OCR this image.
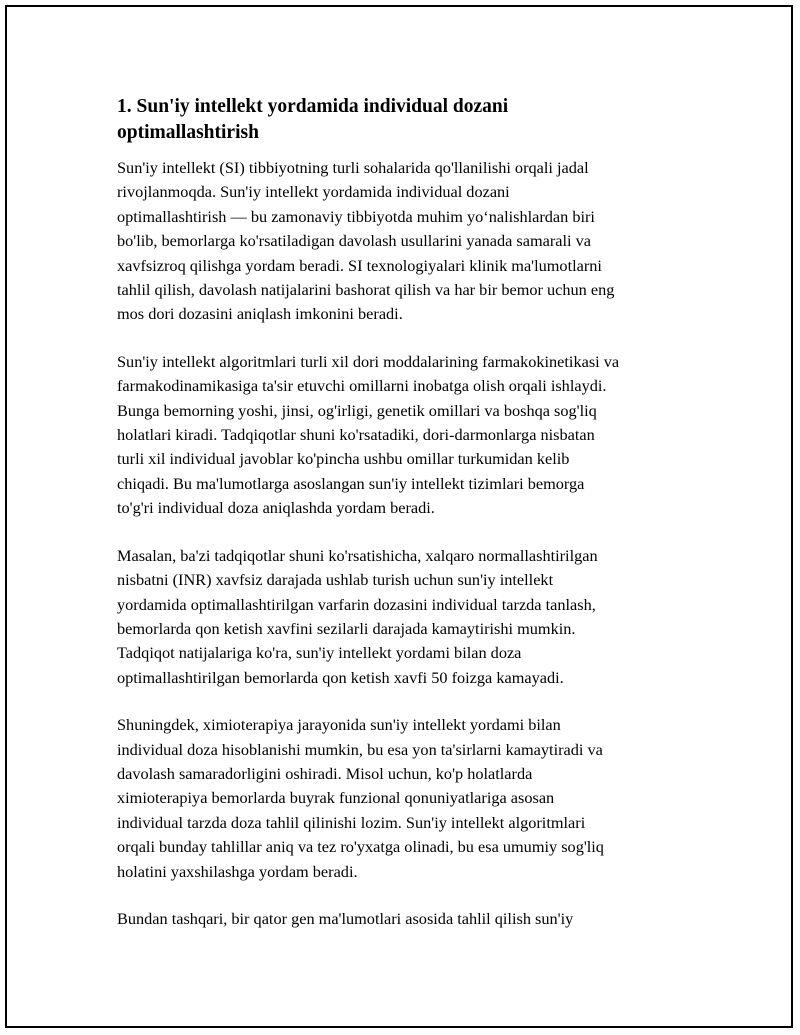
1. Sun'iy intellekt yordamida individual dozani
optimallashtirish

Sun'iy intellekt (SI) tibbiyotning turli sohalarida qo'llanilishi orqali jadal
rivojlanmoqda. Sun'iy intellekt yordamida individual dozani
optimallashtirish — bu zamonaviy tibbiyotda muhim yo‘nalishlardan biri
bo'lib, bemorlarga ko'rsatiladigan davolash usullarini yanada samarali va
xavfsizroq qilishga yordam beradi. SI texnologiyalari klinik ma'lumotlarni
tahlil qilish, davolash natijalarini bashorat qilish va har bir bemor uchun eng
mos dori dozasini aniqlash imkonini beradi.

Sun'iy intellekt algoritmlari turli xil dori moddalarining farmakokinetikasi va
farmakodinamikasiga ta'sir etuvchi omillarni inobatga olish orqali ishlaydi.
Bunga bemorning yoshi, jinsi, og'irligi, genetik omillari va boshqa sog'liq
holatlari kiradi. Tadqiqotlar shuni ko'rsatadiki, dori-darmonlarga nisbatan
turli xil individual javoblar ko'pincha ushbu omillar turkumidan kelib
chiqadi. Bu ma'lumotlarga asoslangan sun'iy intellekt tizimlari bemorga
to'g'ri individual doza aniqlashda yordam beradi.

Masalan, ba'zi tadqiqotlar shuni ko'rsatishicha, xalqaro normallashtirilgan
nisbatni (INR) xavfsiz darajada ushlab turish uchun sun'iy intellekt
yordamida optimallashtirilgan varfarin dozasini individual tarzda tanlash,
bemorlarda qon ketish xavfini sezilarli darajada kamaytirishi mumkin.
Tadqiqot natijalariga ko'ra, sun'iy intellekt yordami bilan doza
optimallashtirilgan bemorlarda qon ketish xavfi 50 foizga kamayadi.

Shuningdek, ximioterapiya jarayonida sun'iy intellekt yordami bilan
individual doza hisoblanishi mumkin, bu esa yon ta'sirlarni kamaytiradi va
davolash samaradorligini oshiradi. Misol uchun, ko'p holatlarda
ximioterapiya bemorlarda buyrak funzional qonuniyatlariga asosan
individual tarzda doza tahlil qilinishi lozim. Sun'iy intellekt algoritmlari
orqali bunday tahlillar aniq va tez ro'yxatga olinadi, bu esa umumiy sog'liq
holatini yaxshilashga yordam beradi.

Bundan tashqari, bir qator gen ma'lumotlari asosida tahlil qilish sun'iy
